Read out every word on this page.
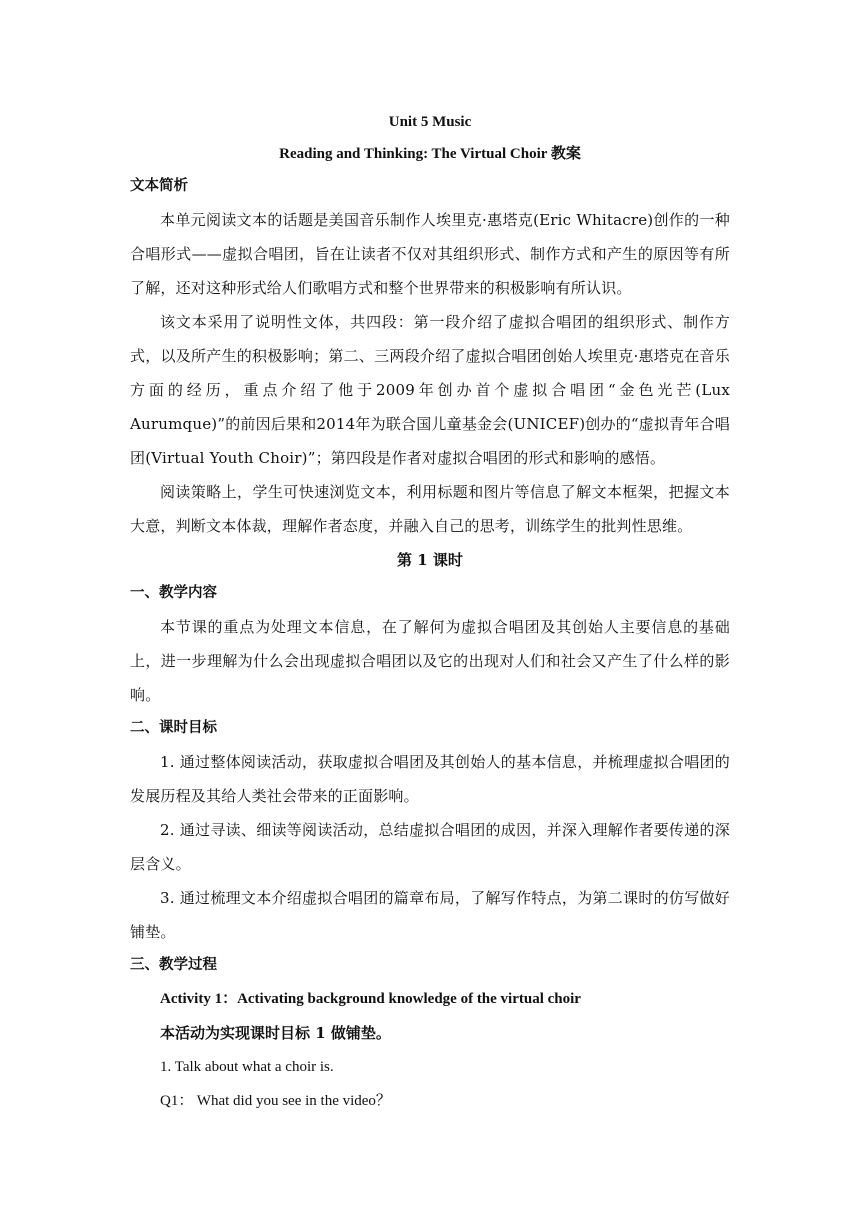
Unit 5 Music
Reading and Thinking: The Virtual Choir 教案
文本简析
本单元阅读文本的话题是美国音乐制作人埃里克·惠塔克(Eric Whitacre)创作的一种合唱形式——虚拟合唱团，旨在让读者不仅对其组织形式、制作方式和产生的原因等有所了解，还对这种形式给人们歌唱方式和整个世界带来的积极影响有所认识。
该文本采用了说明性文体，共四段：第一段介绍了虚拟合唱团的组织形式、制作方式，以及所产生的积极影响；第二、三两段介绍了虚拟合唱团创始人埃里克·惠塔克在音乐方面的经历，重点介绍了他于2009年创办首个虚拟合唱团“金色光芒(Lux Aurumque)”的前因后果和2014年为联合国儿童基金会(UNICEF)创办的“虚拟青年合唱团(Virtual Youth Choir)”；第四段是作者对虚拟合唱团的形式和影响的感悟。
阅读策略上，学生可快速浏览文本，利用标题和图片等信息了解文本框架，把握文本大意，判断文本体裁，理解作者态度，并融入自己的思考，训练学生的批判性思维。
第 1 课时
一、教学内容
本节课的重点为处理文本信息，在了解何为虚拟合唱团及其创始人主要信息的基础上，进一步理解为什么会出现虚拟合唱团以及它的出现对人们和社会又产生了什么样的影响。
二、课时目标
1. 通过整体阅读活动，获取虚拟合唱团及其创始人的基本信息，并梳理虚拟合唱团的发展历程及其给人类社会带来的正面影响。
2. 通过寻读、细读等阅读活动，总结虚拟合唱团的成因，并深入理解作者要传递的深层含义。
3. 通过梳理文本介绍虚拟合唱团的篇章布局，了解写作特点，为第二课时的仿写做好铺垫。
三、教学过程
Activity 1：Activating background knowledge of the virtual choir
本活动为实现课时目标 1 做铺垫。
1. Talk about what a choir is.
Q1： What did you see in the video？
